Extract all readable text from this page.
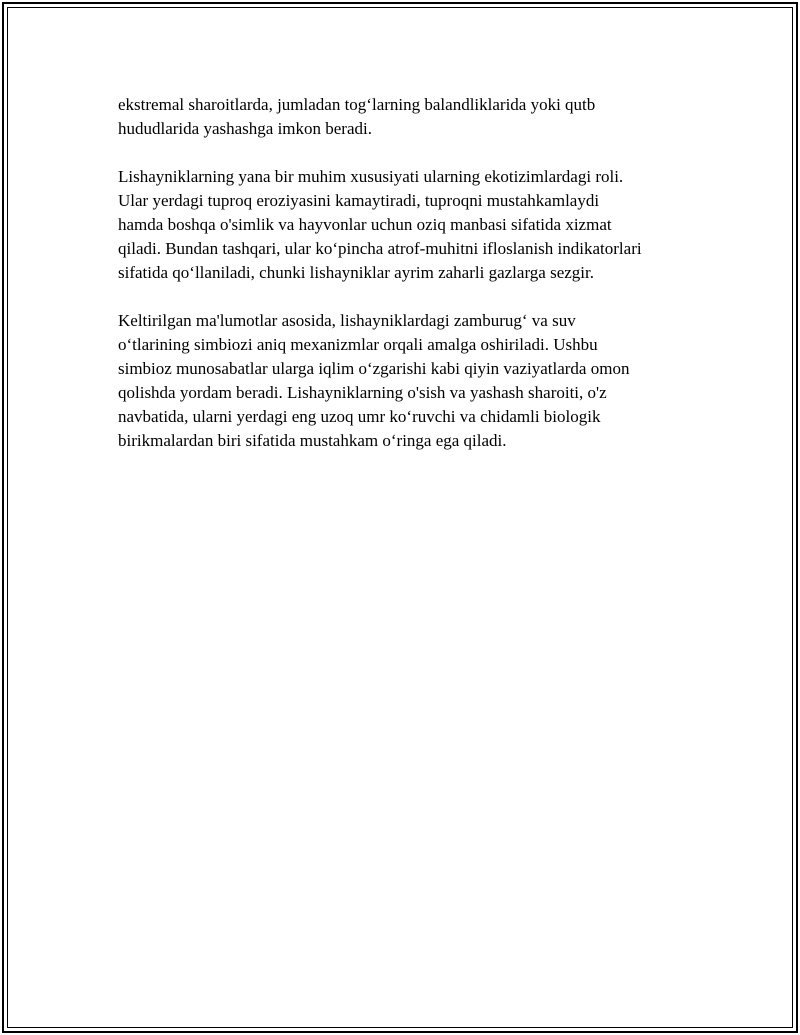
ekstremal sharoitlarda, jumladan tog‘larning balandliklarida yoki qutb
hududlarida yashashga imkon beradi.

Lishayniklarning yana bir muhim xususiyati ularning ekotizimlardagi roli.
Ular yerdagi tuproq eroziyasini kamaytiradi, tuproqni mustahkamlaydi
hamda boshqa o'simlik va hayvonlar uchun oziq manbasi sifatida xizmat
qiladi. Bundan tashqari, ular ko‘pincha atrof-muhitni ifloslanish indikatorlari
sifatida qo‘llaniladi, chunki lishayniklar ayrim zaharli gazlarga sezgir.

Keltirilgan ma'lumotlar asosida, lishayniklardagi zamburug‘ va suv
o‘tlarining simbiozi aniq mexanizmlar orqali amalga oshiriladi. Ushbu
simbioz munosabatlar ularga iqlim o‘zgarishi kabi qiyin vaziyatlarda omon
qolishda yordam beradi. Lishayniklarning o'sish va yashash sharoiti, o'z
navbatida, ularni yerdagi eng uzoq umr ko‘ruvchi va chidamli biologik
birikmalardan biri sifatida mustahkam o‘ringa ega qiladi.
